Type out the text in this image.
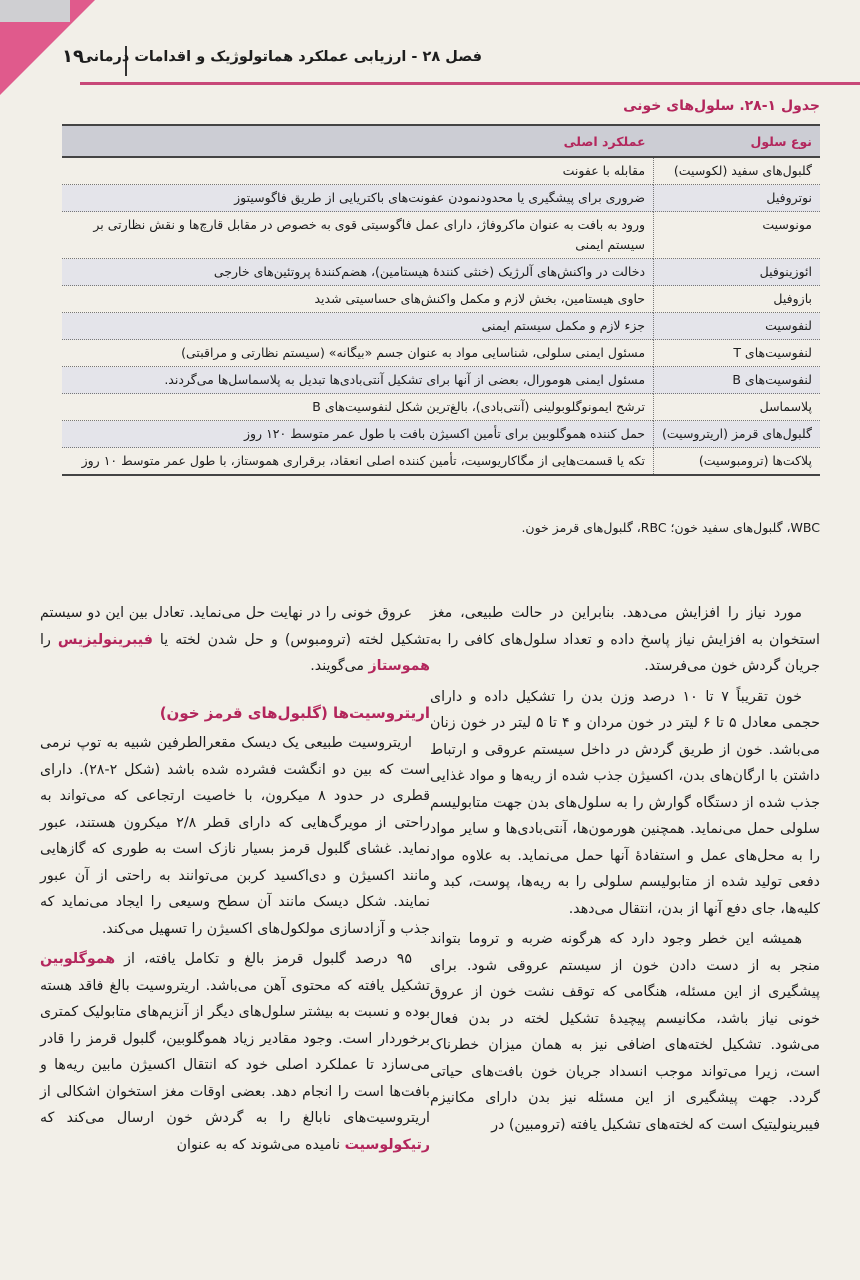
۱۹
فصل ۲۸ - ارزیابی عملکرد هماتولوژیک و اقدامات درمانی
جدول ۱-۲۸. سلول‌های خونی
نوع سلول	عملکرد اصلی
گلبول‌های سفید (لکوسیت)	مقابله با عفونت
نوتروفیل	ضروری برای پیشگیری یا محدودنمودن عفونت‌های باکتریایی از طریق فاگوسیتوز
مونوسیت	ورود به بافت به عنوان ماکروفاژ، دارای عمل فاگوسیتی قوی به خصوص در مقابل قارچ‌ها و نقش نظارتی بر سیستم ایمنی
ائوزینوفیل	دخالت در واکنش‌های آلرژیک (خنثی کنندهٔ هیستامین)، هضم‌کنندهٔ پروتئین‌های خارجی
بازوفیل	حاوی هیستامین، بخش لازم و مکمل واکنش‌های حساسیتی شدید
لنفوسیت	جزء لازم و مکمل سیستم ایمنی
لنفوسیت‌های T	مسئول ایمنی سلولی، شناسایی مواد به عنوان جسم «بیگانه» (سیستم نظارتی و مراقبتی)
لنفوسیت‌های B	مسئول ایمنی هومورال، بعضی از آنها برای تشکیل آنتی‌بادی‌ها تبدیل به پلاسماسل‌ها می‌گردند.
پلاسماسل	ترشح ایمونوگلوبولینی (آنتی‌بادی)، بالغ‌ترین شکل لنفوسیت‌های B
گلبول‌های قرمز (اریتروسیت)	حمل کننده هموگلوبین برای تأمین اکسیژن بافت با طول عمر متوسط ۱۲۰ روز
پلاکت‌ها (ترومبوسیت)	تکه یا قسمت‌هایی از مگاکاریوسیت، تأمین کننده اصلی انعقاد، برقراری هموستاز، با طول عمر متوسط ۱۰ روز
WBC، گلبول‌های سفید خون؛ RBC، گلبول‌های قرمز خون.

مورد نیاز را افزایش می‌دهد. بنابراین در حالت طبیعی، مغز استخوان به افزایش نیاز پاسخ داده و تعداد سلول‌های کافی را به جریان گردش خون می‌فرستد.

خون تقریباً ۷ تا ۱۰ درصد وزن بدن را تشکیل داده و دارای حجمی معادل ۵ تا ۶ لیتر در خون مردان و ۴ تا ۵ لیتر در خون زنان می‌باشد. خون از طریق گردش در داخل سیستم عروقی و ارتباط داشتن با ارگان‌های بدن، اکسیژن جذب شده از ریه‌ها و مواد غذایی جذب شده از دستگاه گوارش را به سلول‌های بدن جهت متابولیسم سلولی حمل می‌نماید. همچنین هورمون‌ها، آنتی‌بادی‌ها و سایر مواد را به محل‌های عمل و استفادهٔ آنها حمل می‌نماید. به علاوه مواد دفعی تولید شده از متابولیسم سلولی را به ریه‌ها، پوست، کبد و کلیه‌ها، جای دفع آنها از بدن، انتقال می‌دهد.

همیشه این خطر وجود دارد که هرگونه ضربه و تروما بتواند منجر به از دست دادن خون از سیستم عروقی شود. برای پیشگیری از این مسئله، هنگامی که توقف نشت خون از عروق خونی نیاز باشد، مکانیسم پیچیدهٔ تشکیل لخته در بدن فعال می‌شود. تشکیل لخته‌های اضافی نیز به همان میزان خطرناک است، زیرا می‌تواند موجب انسداد جریان خون بافت‌های حیاتی گردد. جهت پیشگیری از این مسئله نیز بدن دارای مکانیزم فیبرینولیتیک است که لخته‌های تشکیل یافته (ترومبین) در

عروق خونی را در نهایت حل می‌نماید. تعادل بین این دو سیستم تشکیل لخته (ترومبوس) و حل شدن لخته یا فیبرینولیزیس را هموستاز می‌گویند.

اریتروسیت‌ها (گلبول‌های قرمز خون)

اریتروسیت طبیعی یک دیسک مقعرالطرفین شبیه به توپ نرمی است که بین دو انگشت فشرده شده باشد (شکل ۲-۲۸). دارای قطری در حدود ۸ میکرون، با خاصیت ارتجاعی که می‌تواند به راحتی از مویرگ‌هایی که دارای قطر ۲/۸ میکرون هستند، عبور نماید. غشای گلبول قرمز بسیار نازک است به طوری که گازهایی مانند اکسیژن و دی‌اکسید کربن می‌توانند به راحتی از آن عبور نمایند. شکل دیسک مانند آن سطح وسیعی را ایجاد می‌نماید که جذب و آزادسازی مولکول‌های اکسیژن را تسهیل می‌کند.

۹۵ درصد گلبول قرمز بالغ و تکامل یافته، از هموگلوبین تشکیل یافته که محتوی آهن می‌باشد. اریتروسیت بالغ فاقد هسته بوده و نسبت به بیشتر سلول‌های دیگر از آنزیم‌های متابولیک کمتری برخوردار است. وجود مقادیر زیاد هموگلوبین، گلبول قرمز را قادر می‌سازد تا عملکرد اصلی خود که انتقال اکسیژن مابین ریه‌ها و بافت‌ها است را انجام دهد. بعضی اوقات مغز استخوان اشکالی از اریتروسیت‌های نابالغ را به گردش خون ارسال می‌کند که رتیکولوسیت نامیده می‌شوند که به عنوان
